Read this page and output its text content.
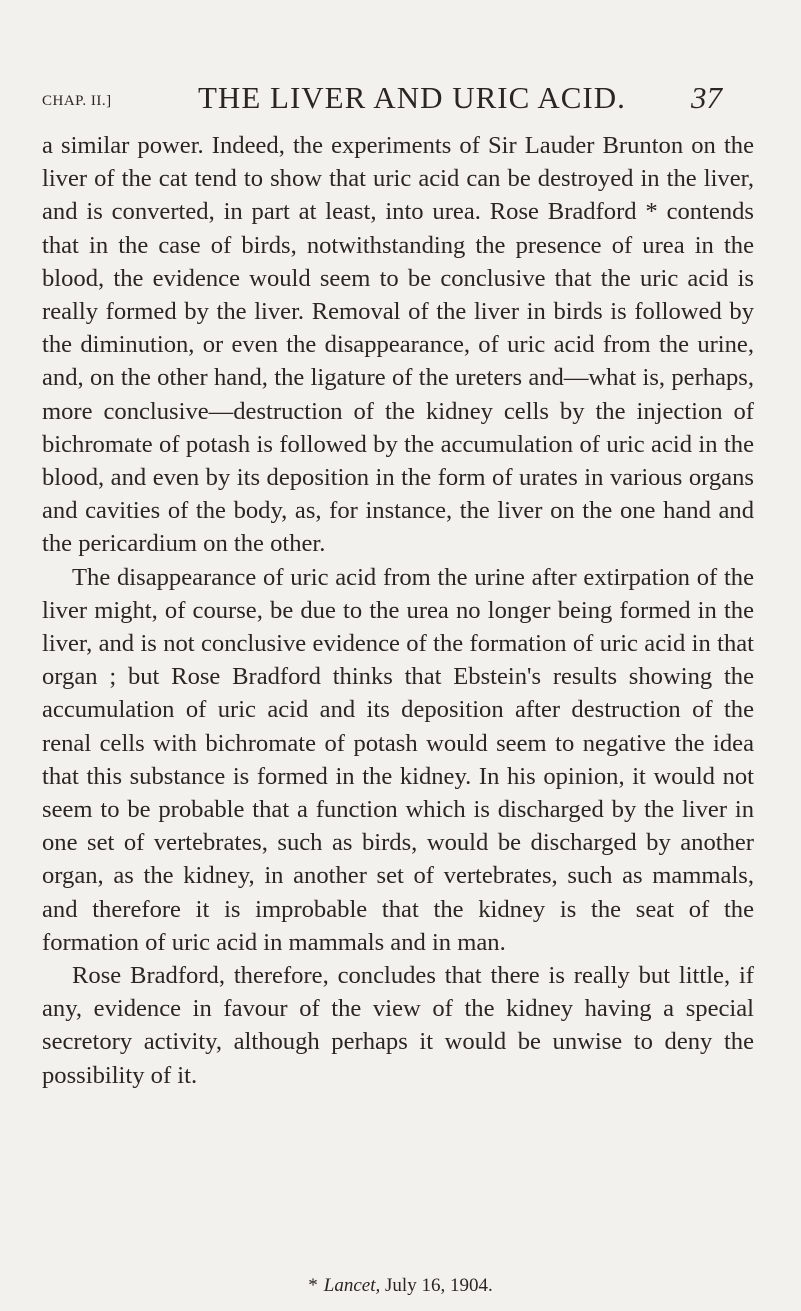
CHAP. II.]	THE LIVER AND URIC ACID. 37

a similar power. Indeed, the experiments of Sir Lauder Brunton on the liver of the cat tend to show that uric acid can be destroyed in the liver, and is converted, in part at least, into urea. Rose Bradford * contends that in the case of birds, notwithstanding the presence of urea in the blood, the evidence would seem to be conclusive that the uric acid is really formed by the liver. Removal of the liver in birds is followed by the diminution, or even the disappearance, of uric acid from the urine, and, on the other hand, the ligature of the ureters and—what is, perhaps, more conclusive—destruction of the kidney cells by the injection of bichromate of potash is followed by the accumulation of uric acid in the blood, and even by its deposition in the form of urates in various organs and cavities of the body, as, for instance, the liver on the one hand and the pericardium on the other.

The disappearance of uric acid from the urine after extirpation of the liver might, of course, be due to the urea no longer being formed in the liver, and is not conclusive evidence of the formation of uric acid in that organ ; but Rose Bradford thinks that Ebstein's results showing the accumulation of uric acid and its deposition after destruction of the renal cells with bichromate of potash would seem to negative the idea that this substance is formed in the kidney. In his opinion, it would not seem to be probable that a function which is discharged by the liver in one set of vertebrates, such as birds, would be discharged by another organ, as the kidney, in another set of vertebrates, such as mammals, and therefore it is improbable that the kidney is the seat of the formation of uric acid in mammals and in man.

Rose Bradford, therefore, concludes that there is really but little, if any, evidence in favour of the view of the kidney having a special secretory activity, although perhaps it would be unwise to deny the possibility of it.

* Lancet, July 16, 1904.
